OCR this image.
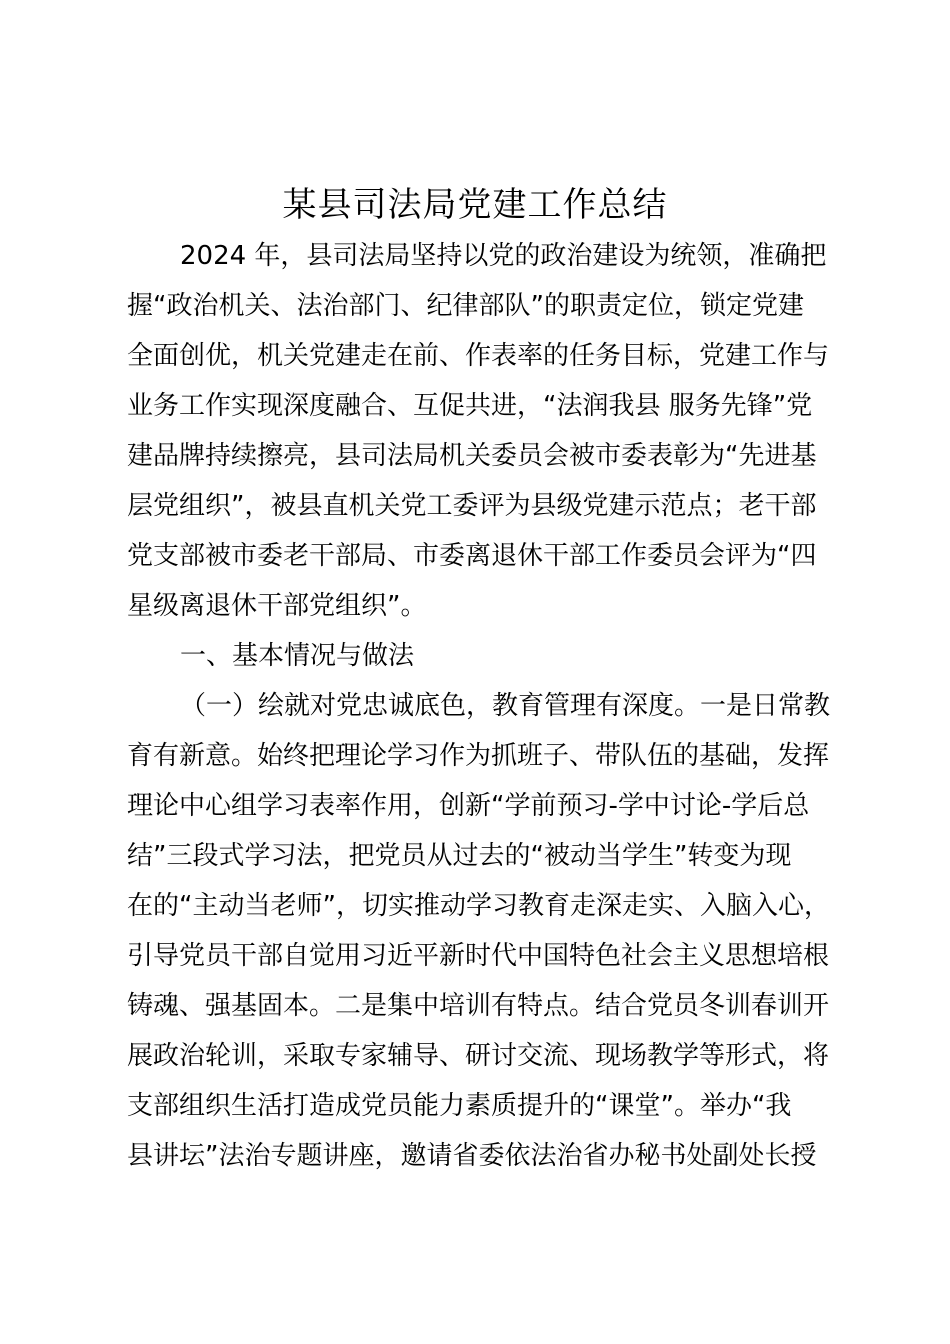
某县司法局党建工作总结
2024 年，县司法局坚持以党的政治建设为统领，准确把
握“政治机关、法治部门、纪律部队”的职责定位，锁定党建
全面创优，机关党建走在前、作表率的任务目标，党建工作与
业务工作实现深度融合、互促共进，“法润我县 服务先锋”党
建品牌持续擦亮，县司法局机关委员会被市委表彰为“先进基
层党组织”，被县直机关党工委评为县级党建示范点；老干部
党支部被市委老干部局、市委离退休干部工作委员会评为“四
星级离退休干部党组织”。
一、基本情况与做法
（一）绘就对党忠诚底色，教育管理有深度。一是日常教
育有新意。始终把理论学习作为抓班子、带队伍的基础，发挥
理论中心组学习表率作用，创新“学前预习-学中讨论-学后总
结”三段式学习法，把党员从过去的“被动当学生”转变为现
在的“主动当老师”，切实推动学习教育走深走实、入脑入心，
引导党员干部自觉用习近平新时代中国特色社会主义思想培根
铸魂、强基固本。二是集中培训有特点。结合党员冬训春训开
展政治轮训，采取专家辅导、研讨交流、现场教学等形式，将
支部组织生活打造成党员能力素质提升的“课堂”。举办“我
县讲坛”法治专题讲座，邀请省委依法治省办秘书处副处长授
